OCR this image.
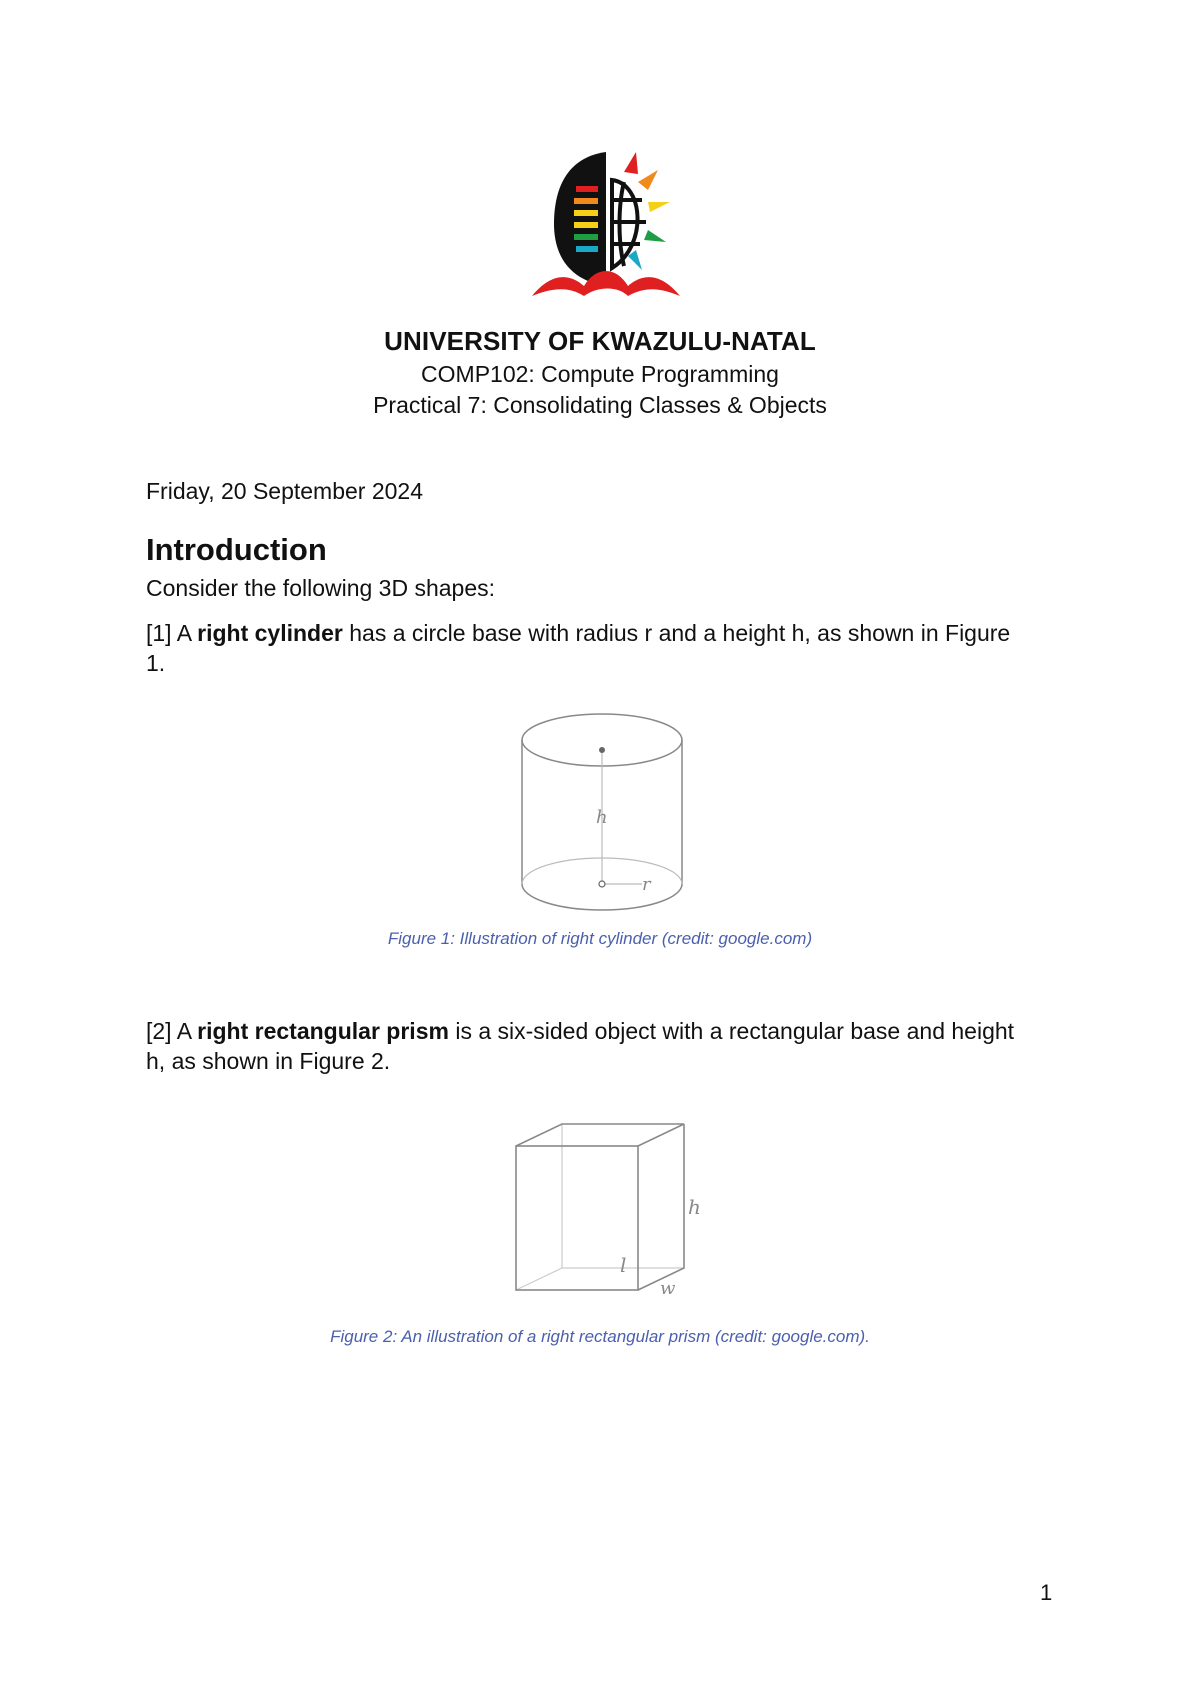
UNIVERSITY OF KWAZULU-NATAL
COMP102: Compute Programming
Practical 7: Consolidating Classes & Objects
Friday, 20 September 2024
Introduction
Consider the following 3D shapes:
[1] A right cylinder has a circle base with radius r and a height h, as shown in Figure 1.
h
r
Figure 1: Illustration of right cylinder (credit: google.com)
[2] A right rectangular prism is a six-sided object with a rectangular base and height h, as shown in Figure 2.
h
l
w
Figure 2: An illustration of a right rectangular prism (credit: google.com).
1
